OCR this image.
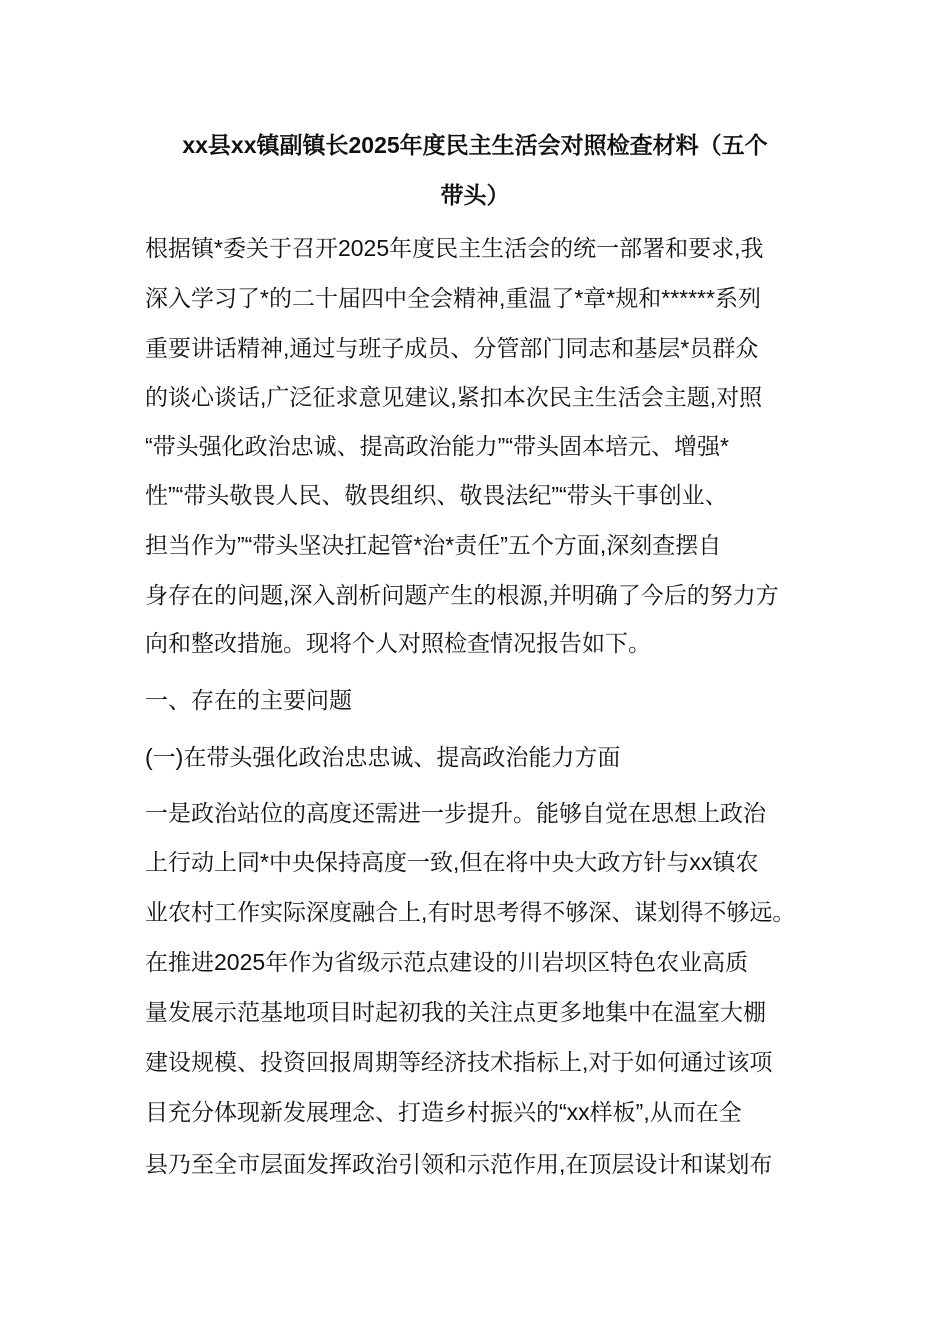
xx县xx镇副镇长2025年度民主生活会对照检查材料（五个
带头）
根据镇*委关于召开2025年度民主生活会的统一部署和要求,我
深入学习了*的二十届四中全会精神,重温了*章*规和******系列
重要讲话精神,通过与班子成员、分管部门同志和基层*员群众
的谈心谈话,广泛征求意见建议,紧扣本次民主生活会主题,对照
“带头强化政治忠诚、提高政治能力”“带头固本培元、增强*
性”“带头敬畏人民、敬畏组织、敬畏法纪”“带头干事创业、
担当作为”“带头坚决扛起管*治*责任”五个方面,深刻查摆自
身存在的问题,深入剖析问题产生的根源,并明确了今后的努力方
向和整改措施。现将个人对照检查情况报告如下。
一、存在的主要问题
(一)在带头强化政治忠忠诚、提高政治能力方面
一是政治站位的高度还需进一步提升。能够自觉在思想上政治
上行动上同*中央保持高度一致,但在将中央大政方针与xx镇农
业农村工作实际深度融合上,有时思考得不够深、谋划得不够远。
在推进2025年作为省级示范点建设的川岩坝区特色农业高质
量发展示范基地项目时起初我的关注点更多地集中在温室大棚
建设规模、投资回报周期等经济技术指标上,对于如何通过该项
目充分体现新发展理念、打造乡村振兴的“xx样板”,从而在全
县乃至全市层面发挥政治引领和示范作用,在顶层设计和谋划布
